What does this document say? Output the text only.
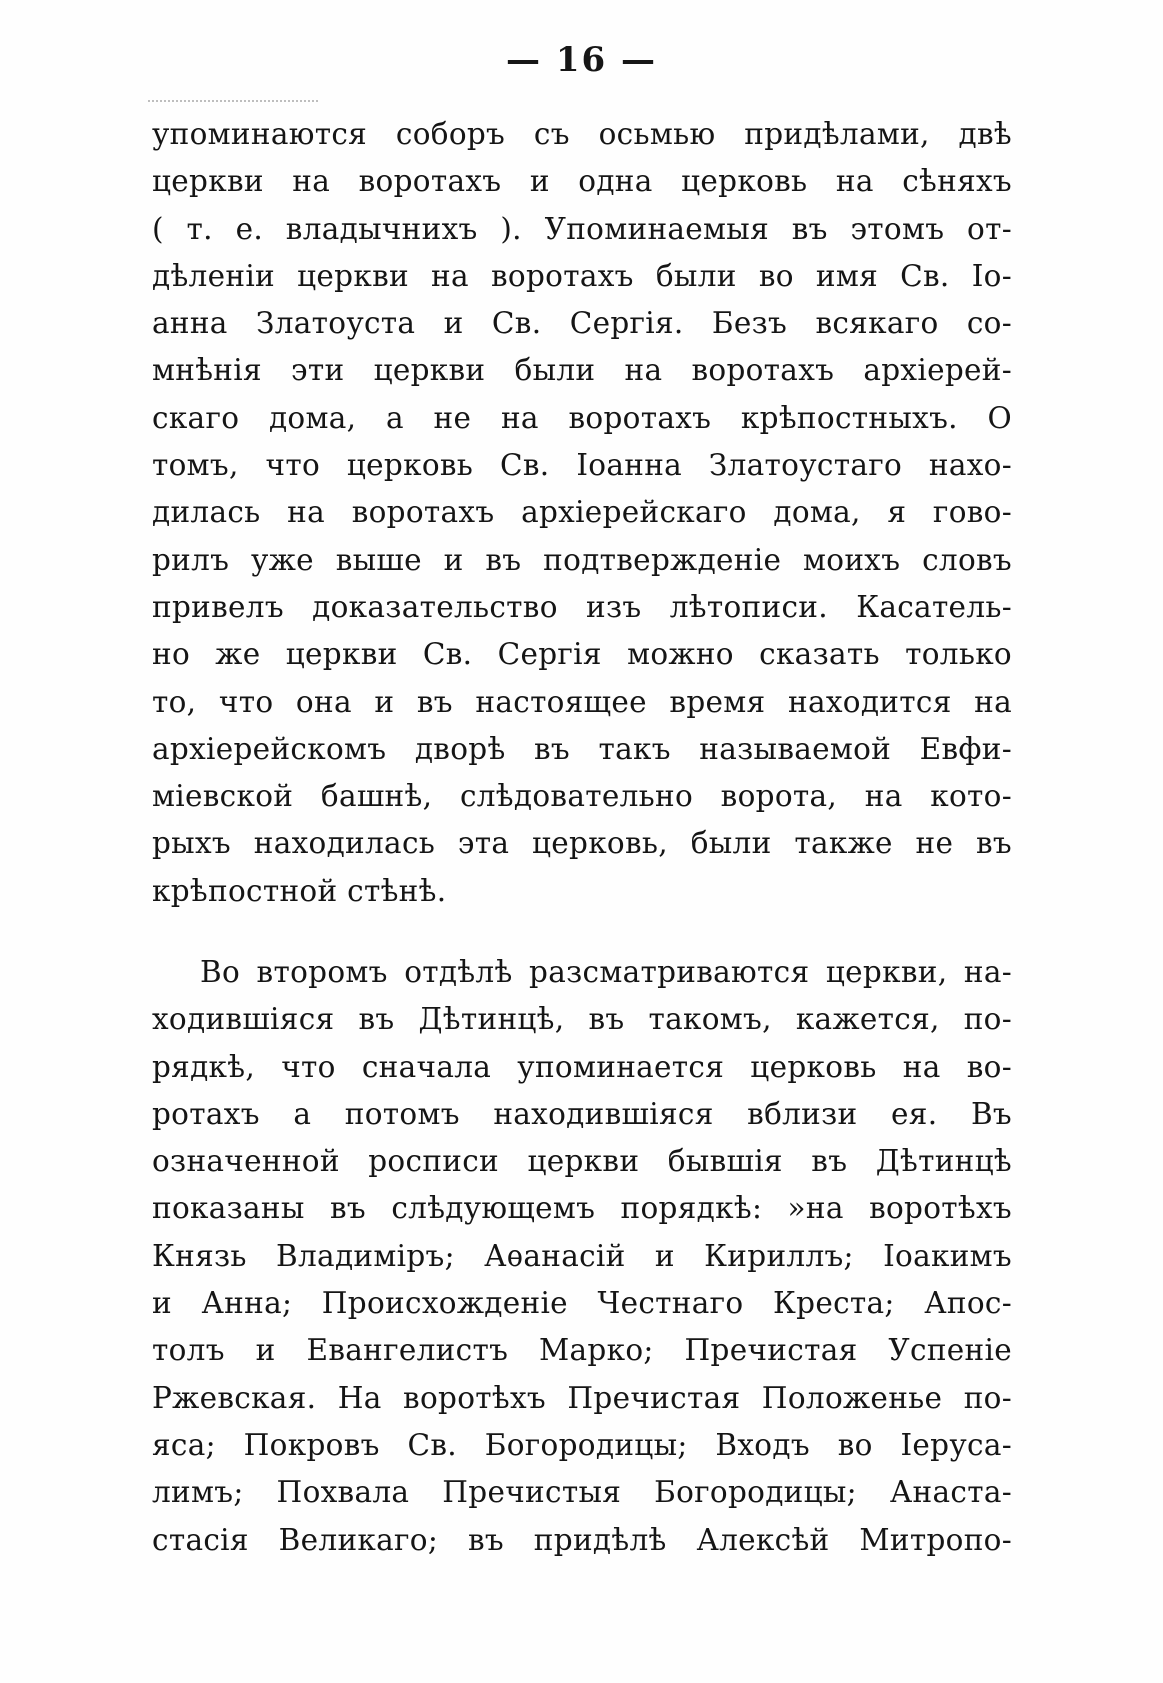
— 16 —
упоминаются соборъ съ осьмью придѣлами, двѣ
церкви на воротахъ и одна церковь на сѣняхъ
( т. е. владычнихъ ). Упоминаемыя въ этомъ от-
дѣленіи церкви на воротахъ были во имя Св. Іо-
анна Златоуста и Св. Сергія. Безъ всякаго со-
мнѣнія эти церкви были на воротахъ архіерей-
скаго дома, а не на воротахъ крѣпостныхъ. О
томъ, что церковь Св. Іоанна Златоустаго нахо-
дилась на воротахъ архіерейскаго дома, я гово-
рилъ уже выше и въ подтвержденіе моихъ словъ
привелъ доказательство изъ лѣтописи. Касатель-
но же церкви Св. Сергія можно сказать только
то, что она и въ настоящее время находится на
архіерейскомъ дворѣ въ такъ называемой Евфи-
міевской башнѣ, слѣдовательно ворота, на кото-
рыхъ находилась эта церковь, были также не въ
крѣпостной стѣнѣ.
Во второмъ отдѣлѣ разсматриваются церкви, на-
ходившіяся въ Дѣтинцѣ, въ такомъ, кажется, по-
рядкѣ, что сначала упоминается церковь на во-
ротахъ а потомъ находившіяся вблизи ея. Въ
означенной росписи церкви бывшія въ Дѣтинцѣ
показаны въ слѣдующемъ порядкѣ: »на воротѣхъ
Князь Владиміръ; Аѳанасій и Кириллъ; Іоакимъ
и Анна; Происхожденіе Честнаго Креста; Апос-
толъ и Евангелистъ Марко; Пречистая Успеніе
Ржевская. На воротѣхъ Пречистая Положенье по-
яса; Покровъ Св. Богородицы; Входъ во Іерусa-
лимъ; Похвала Пречистыя Богородицы; Анаста-
стасія Великаго; въ придѣлѣ Алексѣй Митропо-
